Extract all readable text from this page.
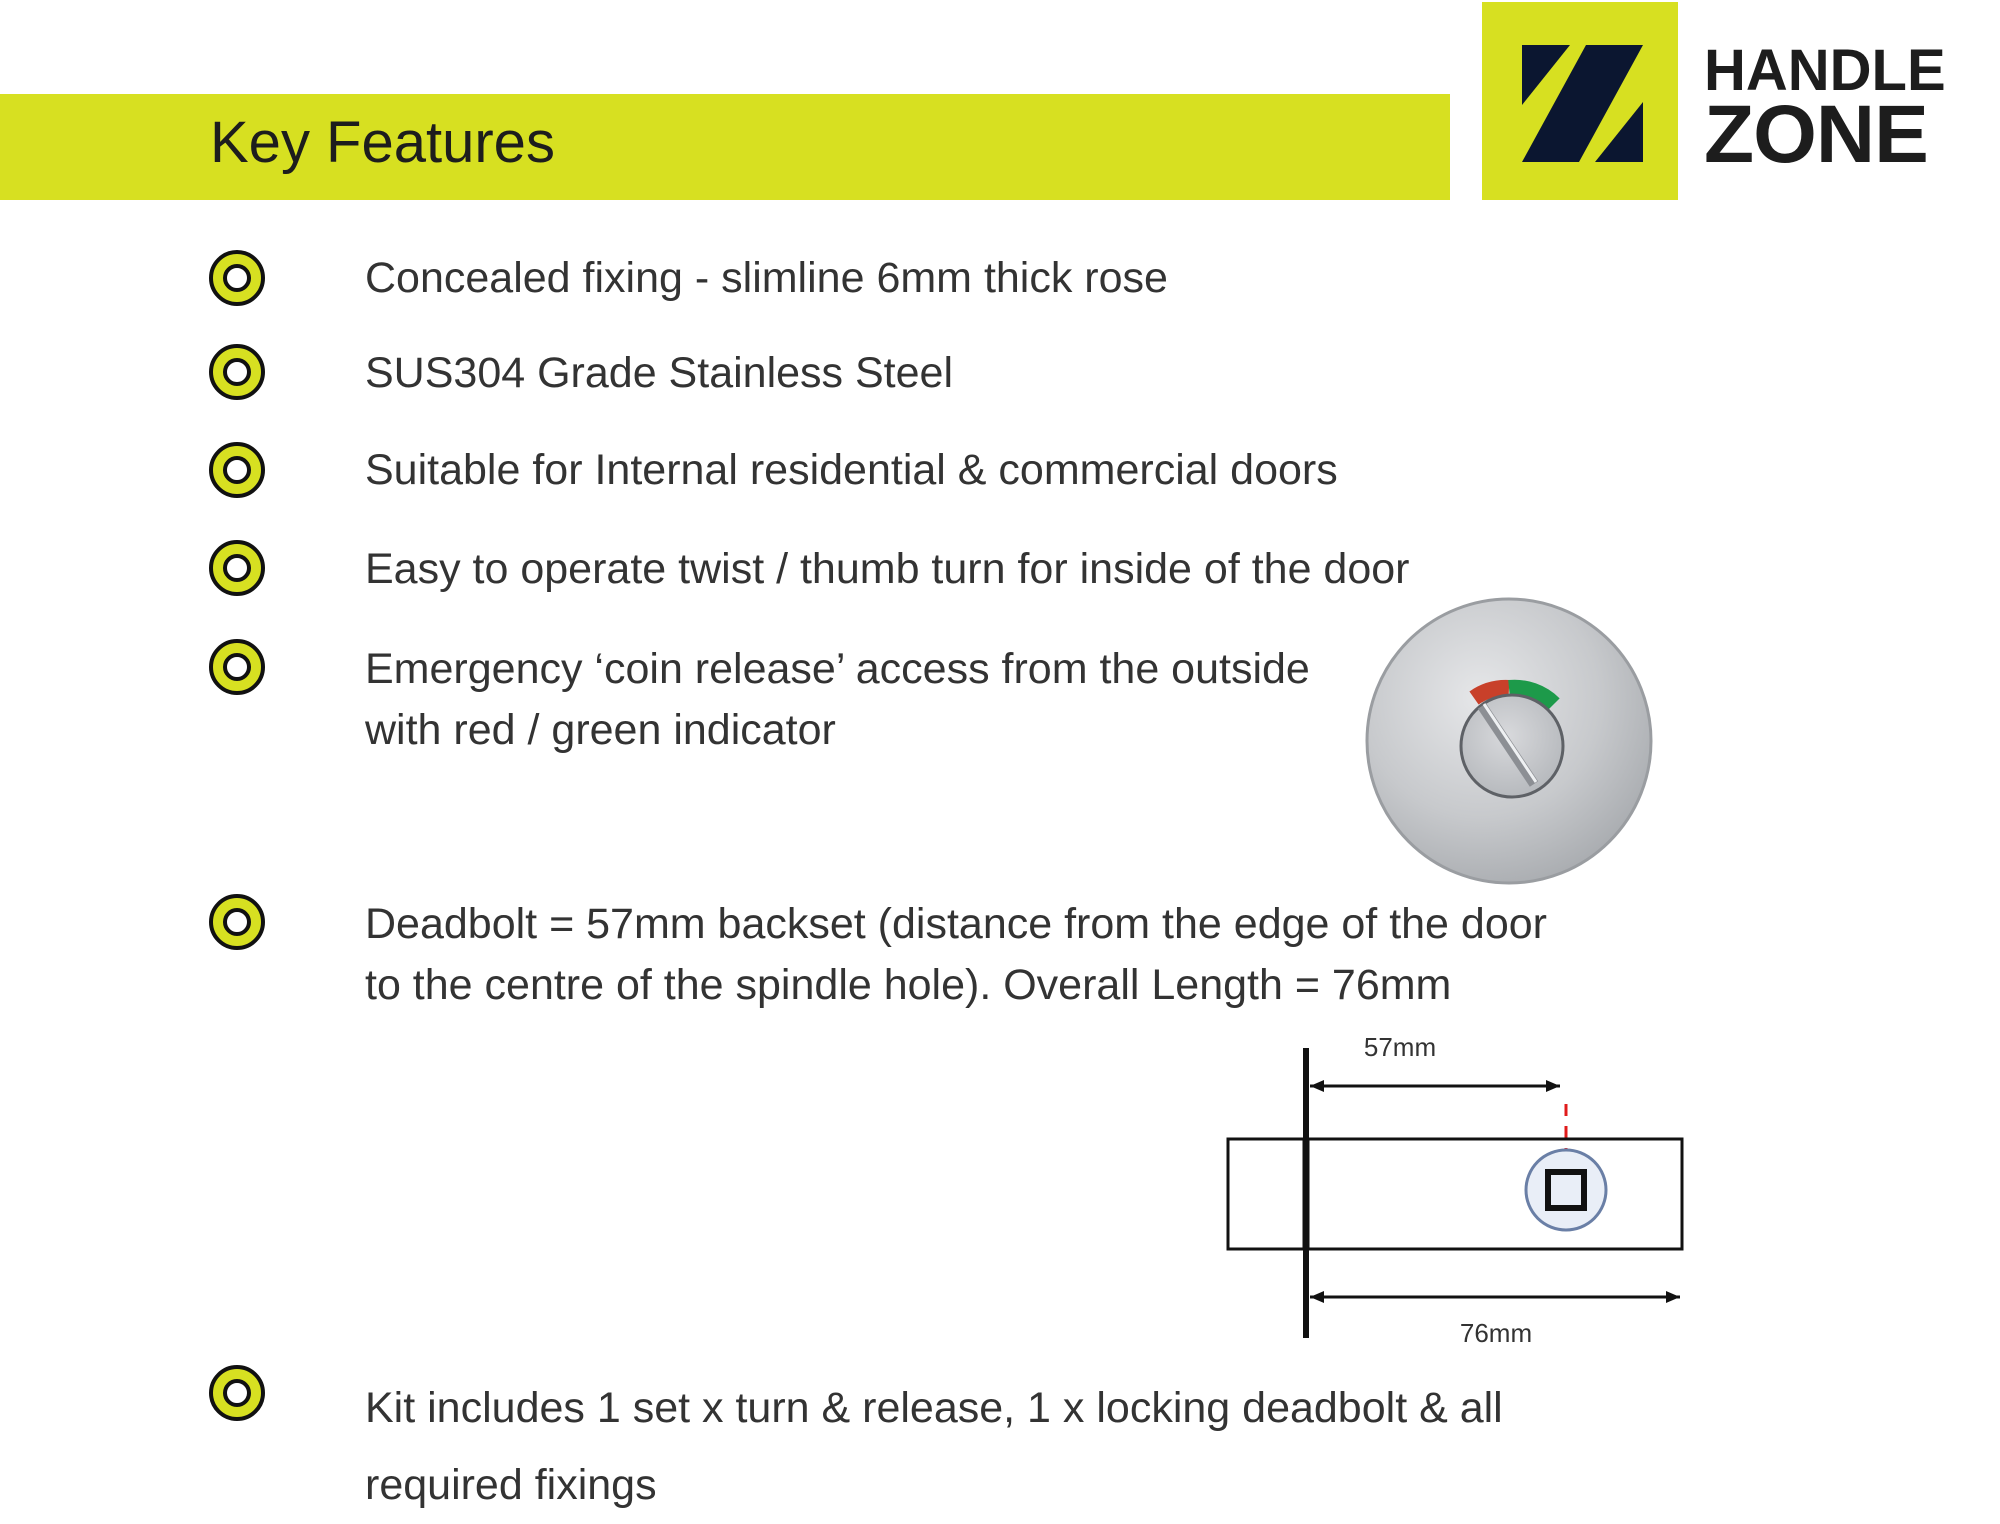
Key Features
HANDLE
ZONE
Concealed fixing - slimline 6mm thick rose
SUS304 Grade Stainless Steel
Suitable for Internal residential & commercial doors
Easy to operate twist / thumb turn for inside of the door
Emergency ‘coin release’ access from the outside
with red / green indicator
Deadbolt = 57mm backset (distance from the edge of the door
to the centre of the spindle hole). Overall Length = 76mm
Kit includes 1 set x turn & release, 1 x locking deadbolt & all
required fixings
57mm
76mm
